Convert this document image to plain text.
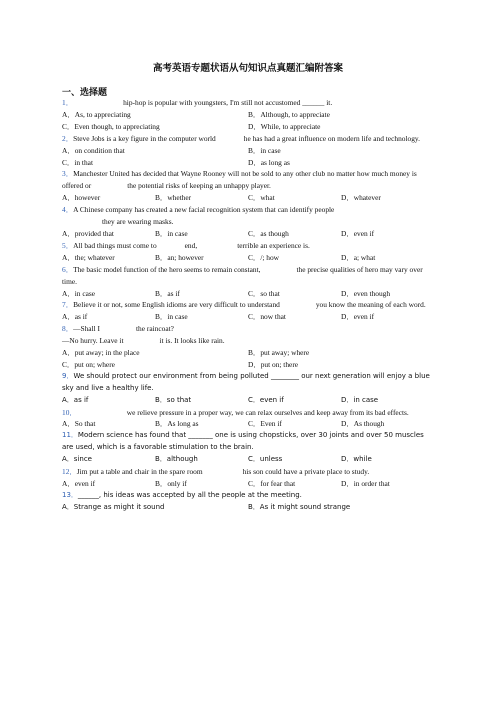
高考英语专题状语从句知识点真题汇编附答案
一、选择题
1．	hip-hop is popular with youngsters, I'm still not accustomed ______ it.
A．As, to appreciating	B．Although, to appreciate
C．Even though, to appreciating	D．While, to appreciate
2．Steve Jobs is a key figure in the computer world	he has had a great influence on modern life and technology.
A．on condition that	B．in case
C．in that	D．as long as
3．Manchester United has decided that Wayne Rooney will not be sold to any other club no matter how much money is offered or	the potential risks of keeping an unhappy player.
A．however	B．whether	C．what	D．whatever
4．A Chinese company has created a new facial recognition system that can identify people
they are wearing masks.
A．provided that	B．in case	C．as though	D．even if
5．All bad things must come to	end,	terrible an experience is.
A．the; whatever	B．an; however	C．/; how	D．a; what
6．The basic model function of the hero seems to remain constant,	the precise qualities of hero may vary over time.
A．in case	B．as if	C．so that	D．even though
7．Believe it or not, some English idioms are very difficult to understand	you know the meaning of each word.
A．as if	B．in case	C．now that	D．even if
8．—Shall I	the raincoat?
—No hurry. Leave it	it is. It looks like rain.
A．put away; in the place	B．put away; where
C．put on; where	D．put on; there
9．We should protect our environment from being polluted ________ our next generation will enjoy a blue sky and live a healthy life.
A．as if	B．so that	C．even if	D．in case
10．	we relieve pressure in a proper way, we can relax ourselves and keep away from its bad effects.
A．So that	B．As long as	C．Even if	D．As though
11．Modern science has found that _______ one is using chopsticks, over 30 joints and over 50 muscles are used, which is a favorable stimulation to the brain.
A．since	B．although	C．unless	D．while
12．Jim put a table and chair in the spare room	his son could have a private place to study.
A．even if	B．only if	C．for fear that	D．in order that
13．______, his ideas was accepted by all the people at the meeting.
A．Strange as might it sound	B．As it might sound strange
